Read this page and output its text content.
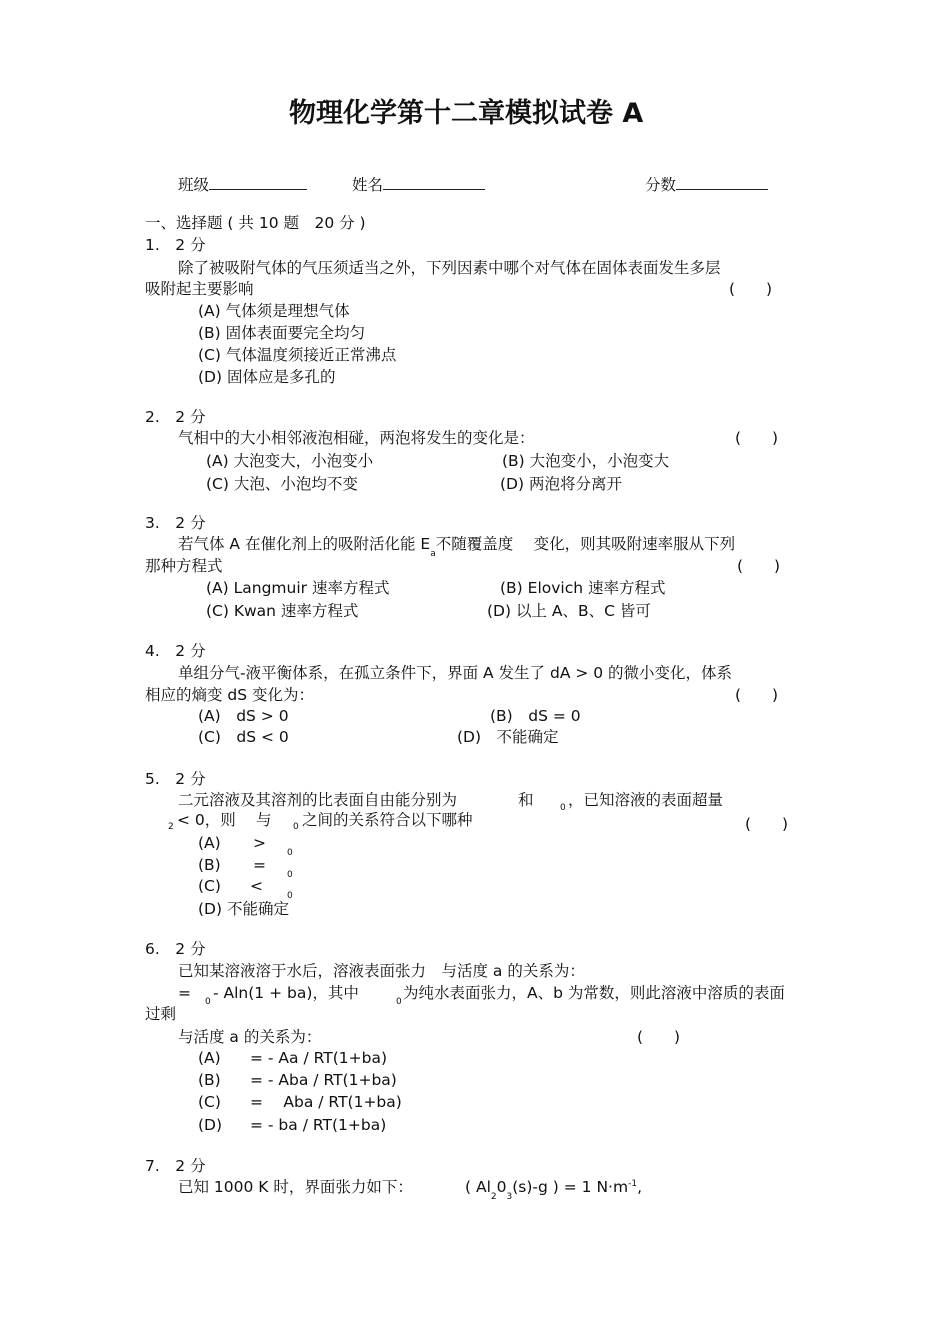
物理化学第十二章模拟试卷 A
班级	姓名	分数
一、选择题 ( 共 10 题　20 分 )
1.　2 分
除了被吸附气体的气压须适当之外，下列因素中哪个对气体在固体表面发生多层
吸附起主要影响	(　　)
(A) 气体须是理想气体
(B) 固体表面要完全均匀
(C) 气体温度须接近正常沸点
(D) 固体应是多孔的
2.　2 分
气相中的大小相邻液泡相碰，两泡将发生的变化是：	(　　)
(A) 大泡变大，小泡变小	(B) 大泡变小，小泡变大
(C) 大泡、小泡均不变	(D) 两泡将分离开
3.　2 分
若气体 A 在催化剂上的吸附活化能 $E_a$不随覆盖度　 变化，则其吸附速率服从下列
那种方程式	(　　)
(A) Langmuir 速率方程式	(B) Elovich 速率方程式
(C) Kwan 速率方程式	(D) 以上 A、B、C 皆可
4.　2 分
单组分气-液平衡体系，在孤立条件下，界面 A 发生了 dA > 0 的微小变化，体系
相应的熵变 dS 变化为：	(　　)
(A)　dS > 0	(B)　dS = 0
(C)　dS < 0	(D)　不能确定
5.　2 分
二元溶液及其溶剂的比表面自由能分别为	和	0 ，已知溶液的表面超量
2 < 0，则 与 0 之间的关系符合以下哪种	(　　)
(A) >
0
(B) =
0
(C) <
0
(D) 不能确定
6.　2 分
已知某溶液溶于水后，溶液表面张力　与活度 a 的关系为：
= 0 - Aln(1 + ba)，其中	0 为纯水表面张力，A、b 为常数，则此溶液中溶质的表面
过剩
与活度 a 的关系为：	(　　)
(A) = - Aa / RT(1+ba)
(B) = - Aba / RT(1+ba)
(C) =　 Aba / RT(1+ba)
(D) = - ba / RT(1+ba)
7.　2 分
已知 1000 K 时，界面张力如下：	( $Al_20_3(s)-g$ ) = 1 $N\cdot m^{-1}$,
